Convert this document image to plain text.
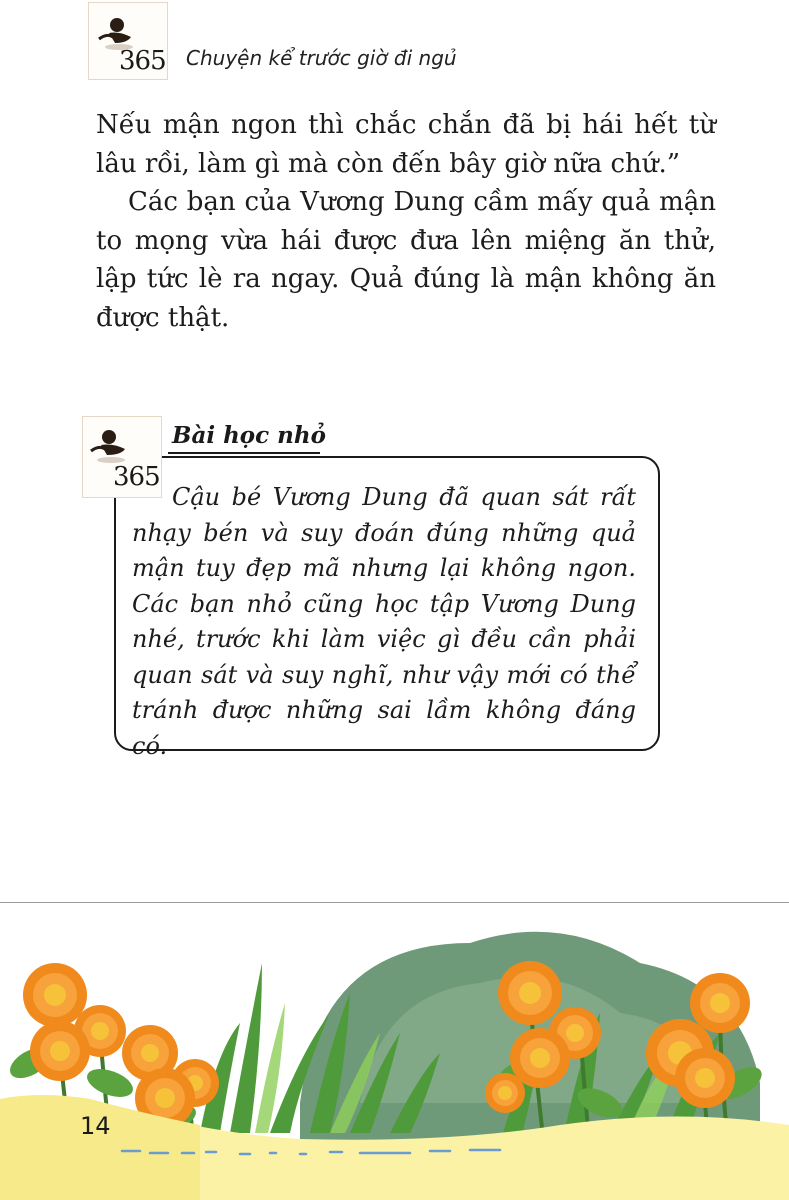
365 Chuyện kể trước giờ đi ngủ

Nếu mận ngon thì chắc chắn đã bị hái hết từ lâu rồi, làm gì mà còn đến bây giờ nữa chứ.”

Các bạn của Vương Dung cầm mấy quả mận to mọng vừa hái được đưa lên miệng ăn thử, lập tức lè ra ngay. Quả đúng là mận không ăn được thật.

365
Bài học nhỏ

Cậu bé Vương Dung đã quan sát rất nhạy bén và suy đoán đúng những quả mận tuy đẹp mã nhưng lại không ngon. Các bạn nhỏ cũng học tập Vương Dung nhé, trước khi làm việc gì đều cần phải quan sát và suy nghĩ, như vậy mới có thể tránh được những sai lầm không đáng có.

14
